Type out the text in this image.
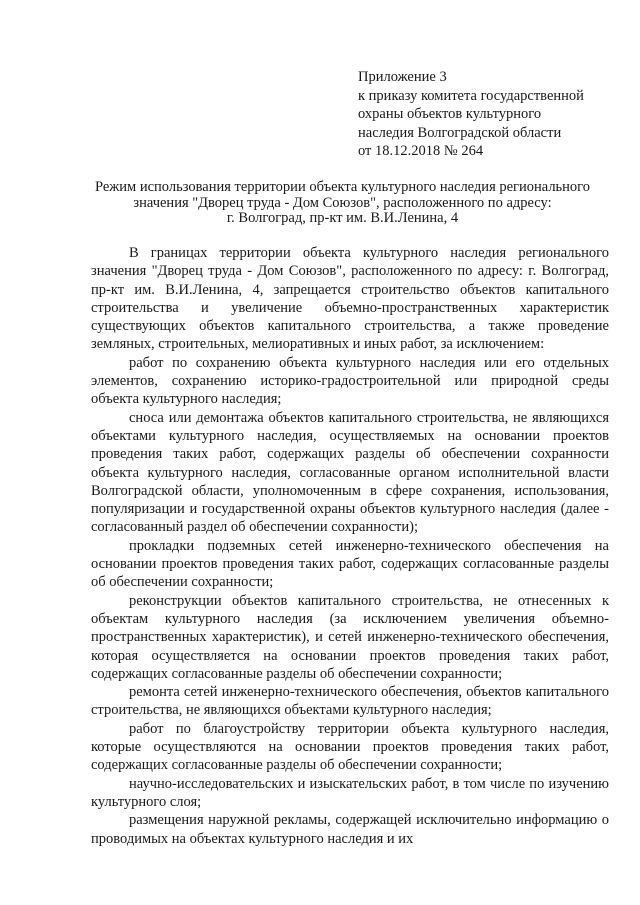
Приложение 3
к приказу комитета государственной
охраны объектов культурного
наследия Волгоградской области
от 18.12.2018 № 264
Режим использования территории объекта культурного наследия регионального
значения "Дворец труда - Дом Союзов", расположенного по адресу:
г. Волгоград, пр-кт им. В.И.Ленина, 4

В границах территории объекта культурного наследия регионального значения "Дворец труда - Дом Союзов", расположенного по адресу: г. Волгоград, пр-кт им. В.И.Ленина, 4, запрещается строительство объектов капитального строительства и увеличение объемно-пространственных характеристик существующих объектов капитального строительства, а также проведение земляных, строительных, мелиоративных и иных работ, за исключением:

работ по сохранению объекта культурного наследия или его отдельных элементов, сохранению историко-градостроительной или природной среды объекта культурного наследия;

сноса или демонтажа объектов капитального строительства, не являющихся объектами культурного наследия, осуществляемых на основании проектов проведения таких работ, содержащих разделы об обеспечении сохранности объекта культурного наследия, согласованные органом исполнительной власти Волгоградской области, уполномоченным в сфере сохранения, использования, популяризации и государственной охраны объектов культурного наследия (далее - согласованный раздел об обеспечении сохранности);

прокладки подземных сетей инженерно-технического обеспечения на основании проектов проведения таких работ, содержащих согласованные разделы об обеспечении сохранности;

реконструкции объектов капитального строительства, не отнесенных к объектам культурного наследия (за исключением увеличения объемно-пространственных характеристик), и сетей инженерно-технического обеспечения, которая осуществляется на основании проектов проведения таких работ, содержащих согласованные разделы об обеспечении сохранности;

ремонта сетей инженерно-технического обеспечения, объектов капитального строительства, не являющихся объектами культурного наследия;

работ по благоустройству территории объекта культурного наследия, которые осуществляются на основании проектов проведения таких работ, содержащих согласованные разделы об обеспечении сохранности;

научно-исследовательских и изыскательских работ, в том числе по изучению культурного слоя;

размещения наружной рекламы, содержащей исключительно информацию о проводимых на объектах культурного наследия и их
